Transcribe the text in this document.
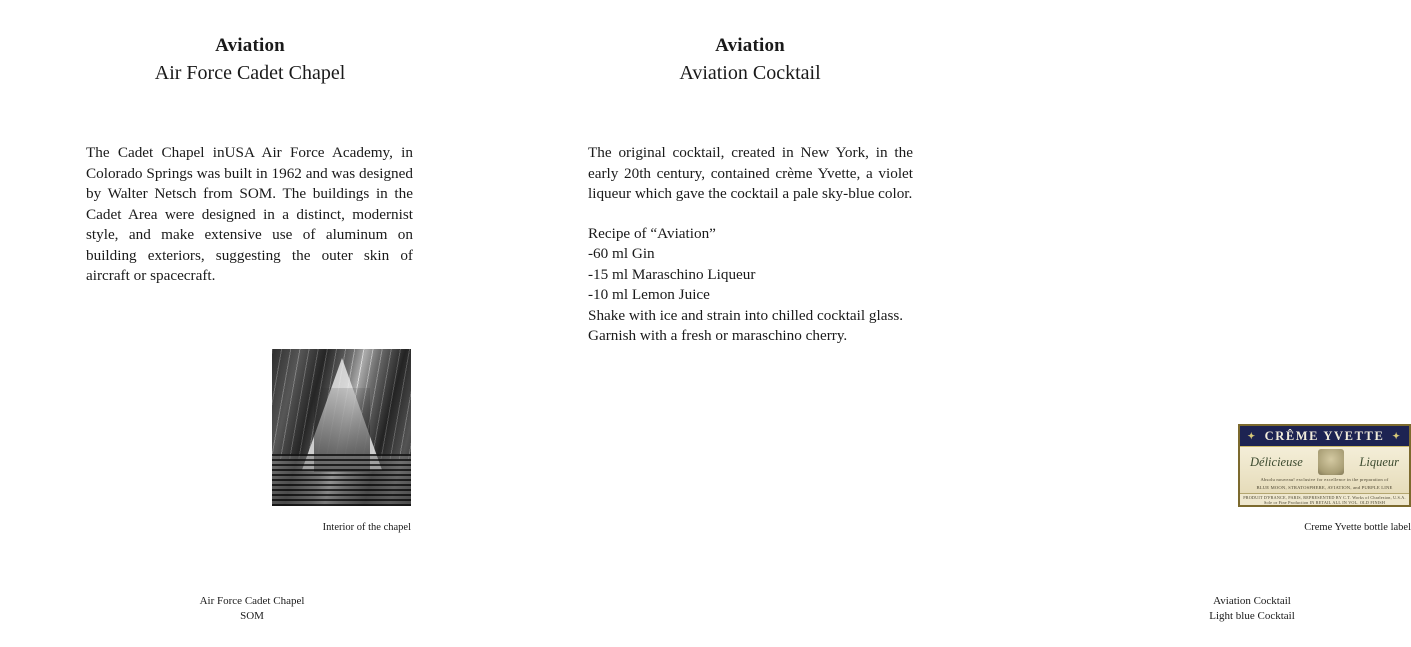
Aviation
Air Force Cadet Chapel

The Cadet Chapel inUSA Air Force Academy, in Colorado Springs was built in 1962 and was designed by Walter Netsch from SOM. The buildings in the Cadet Area were designed in a distinct, modernist style, and make extensive use of aluminum on building exteriors, suggesting the outer skin of aircraft or spacecraft.

Interior of the chapel
Air Force Cadet Chapel
SOM
Aviation
Aviation Cocktail

The original cocktail, created in New York, in the early 20th century, contained crème Yvette, a violet liqueur which gave the cocktail a pale sky-blue color.

Recipe of “Aviation”
-60 ml Gin
-15 ml Maraschino Liqueur
-10 ml Lemon Juice
Shake with ice and strain into chilled cocktail glass.
Garnish with a fresh or maraschino cherry.
✦ CRÊME YVETTE ✦
Délicieuse	Liqueur
Absolu nouveau! exclusive for excellence in the preparation of
BLUE MOON, STRATOSPHERE, AVIATION, and PURPLE LINE
PRODUIT D'FRANCE, PARIS, REPRESENTED BY C.T. Works of Charleston, U.S.A. Sole or Fine Production IN RETAIL ALL IN VOL. OLD FINISH
Creme Yvette bottle label
Aviation Cocktail
Light blue Cocktail
